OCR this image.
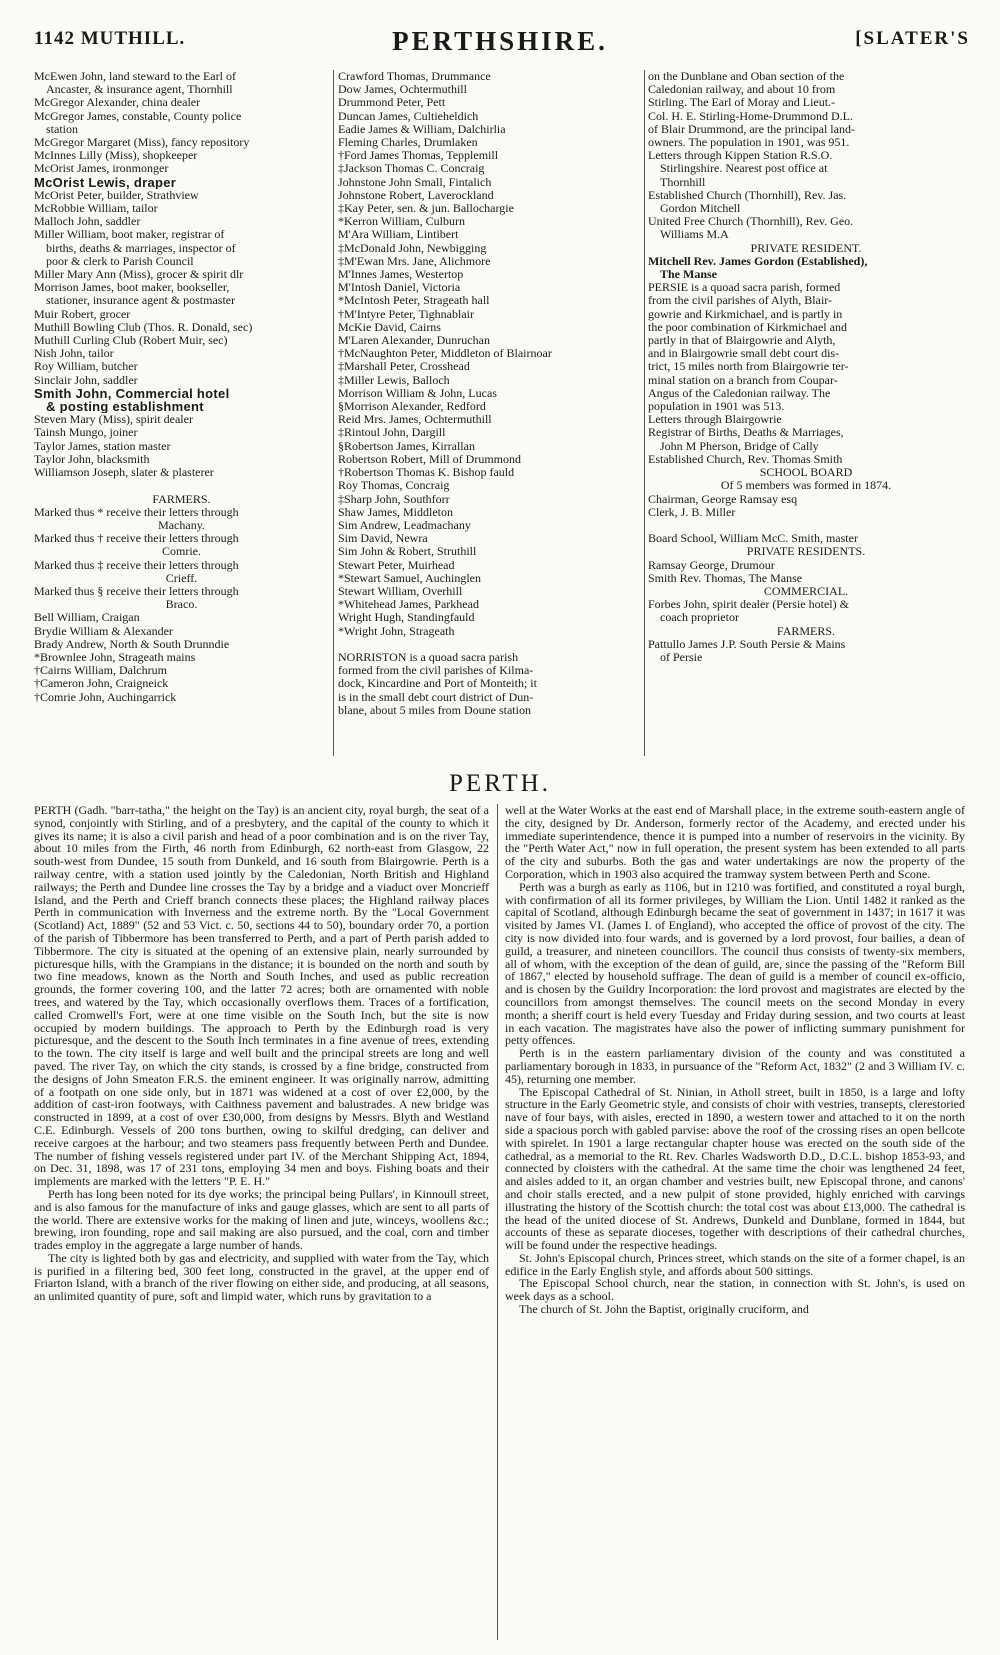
1142 MUTHILL.	PERTHSHIRE.	[SLATER'S
McEwen John, land steward to the Earl of
Ancaster, & insurance agent, Thornhill
McGregor Alexander, china dealer
McGregor James, constable, County police
station
McGregor Margaret (Miss), fancy repository
McInnes Lilly (Miss), shopkeeper
McOrist James, ironmonger
McOrist Lewis, draper
McOrist Peter, builder, Strathview
McRobbie William, tailor
Malloch John, saddler
Miller William, boot maker, registrar of
births, deaths & marriages, inspector of
poor & clerk to Parish Council
Miller Mary Ann (Miss), grocer & spirit dlr
Morrison James, boot maker, bookseller,
stationer, insurance agent & postmaster
Muir Robert, grocer
Muthill Bowling Club (Thos. R. Donald, sec)
Muthill Curling Club (Robert Muir, sec)
Nish John, tailor
Roy William, butcher
Sinclair John, saddler
Smith John, Commercial hotel
& posting establishment
Steven Mary (Miss), spirit dealer
Tainsh Mungo, joiner
Taylor James, station master
Taylor John, blacksmith
Williamson Joseph, slater & plasterer

FARMERS.
Marked thus * receive their letters through
Machany.
Marked thus † receive their letters through
Comrie.
Marked thus ‡ receive their letters through
Crieff.
Marked thus § receive their letters through
Braco.
Bell William, Craigan
Brydie William & Alexander
Brady Andrew, North & South Drunndie
*Brownlee John, Strageath mains
†Cairns William, Dalchrum
†Cameron John, Craigneick
†Comrie John, Auchingarrick
Crawford Thomas, Drummance
Dow James, Ochtermuthill
Drummond Peter, Pett
Duncan James, Cultieheldich
Eadie James & William, Dalchirlia
Fleming Charles, Drumlaken
†Ford James Thomas, Tepplemill
‡Jackson Thomas C. Concraig
Johnstone John Small, Fintalich
Johnstone Robert, Laverockland
‡Kay Peter, sen. & jun. Ballochargie
*Kerron William, Culburn
M'Ara William, Lintibert
‡McDonald John, Newbigging
‡M'Ewan Mrs. Jane, Alichmore
M'Innes James, Westertop
M'Intosh Daniel, Victoria
*McIntosh Peter, Strageath hall
†M'Intyre Peter, Tighnablair
McKie David, Cairns
M'Laren Alexander, Dunruchan
†McNaughton Peter, Middleton of Blairnoar
‡Marshall Peter, Crosshead
‡Miller Lewis, Balloch
Morrison William & John, Lucas
§Morrison Alexander, Redford
Reid Mrs. James, Ochtermuthill
‡Rintoul John, Dargill
§Robertson James, Kirrallan
Robertson Robert, Mill of Drummond
†Robertson Thomas K. Bishop fauld
Roy Thomas, Concraig
‡Sharp John, Southforr
Shaw James, Middleton
Sim Andrew, Leadmachany
Sim David, Newra
Sim John & Robert, Struthill
Stewart Peter, Muirhead
*Stewart Samuel, Auchinglen
Stewart William, Overhill
*Whitehead James, Parkhead
Wright Hugh, Standingfauld
*Wright John, Strageath

NORRISTON is a quoad sacra parish
formed from the civil parishes of Kilma-
dock, Kincardine and Port of Monteith; it
is in the small debt court district of Dun-
blane, about 5 miles from Doune station
on the Dunblane and Oban section of the
Caledonian railway, and about 10 from
Stirling. The Earl of Moray and Lieut.-
Col. H. E. Stirling-Home-Drummond D.L.
of Blair Drummond, are the principal land-
owners. The population in 1901, was 951.
Letters through Kippen Station R.S.O.
Stirlingshire. Nearest post office at
Thornhill
Established Church (Thornhill), Rev. Jas.
Gordon Mitchell
United Free Church (Thornhill), Rev. Geo.
Williams M.A
PRIVATE RESIDENT.
Mitchell Rev. James Gordon (Established),
The Manse
PERSIE is a quoad sacra parish, formed
from the civil parishes of Alyth, Blair-
gowrie and Kirkmichael, and is partly in
the poor combination of Kirkmichael and
partly in that of Blairgowrie and Alyth,
and in Blairgowrie small debt court dis-
trict, 15 miles north from Blairgowrie ter-
minal station on a branch from Coupar-
Angus of the Caledonian railway. The
population in 1901 was 513.
Letters through Blairgowrie
Registrar of Births, Deaths & Marriages,
John M Pherson, Bridge of Cally
Established Church, Rev. Thomas Smith
SCHOOL BOARD
Of 5 members was formed in 1874.
Chairman, George Ramsay esq
Clerk, J. B. Miller

Board School, William McC. Smith, master
PRIVATE RESIDENTS.
Ramsay George, Drumour
Smith Rev. Thomas, The Manse
COMMERCIAL.
Forbes John, spirit dealer (Persie hotel) &
coach proprietor
FARMERS.
Pattullo James J.P. South Persie & Mains
of Persie
PERTH.

PERTH (Gadh. "barr-tatha," the height on the Tay) is an ancient city, royal burgh, the seat of a synod, conjointly with Stirling, and of a presbytery, and the capital of the county to which it gives its name; it is also a civil parish and head of a poor combination and is on the river Tay, about 10 miles from the Firth, 46 north from Edinburgh, 62 north-east from Glasgow, 22 south-west from Dundee, 15 south from Dunkeld, and 16 south from Blairgowrie. Perth is a railway centre, with a station used jointly by the Caledonian, North British and Highland railways; the Perth and Dundee line crosses the Tay by a bridge and a viaduct over Moncrieff Island, and the Perth and Crieff branch connects these places; the Highland railway places Perth in communication with Inverness and the extreme north. By the "Local Government (Scotland) Act, 1889" (52 and 53 Vict. c. 50, sections 44 to 50), boundary order 70, a portion of the parish of Tibbermore has been transferred to Perth, and a part of Perth parish added to Tibbermore. The city is situated at the opening of an extensive plain, nearly surrounded by picturesque hills, with the Grampians in the distance; it is bounded on the north and south by two fine meadows, known as the North and South Inches, and used as public recreation grounds, the former covering 100, and the latter 72 acres; both are ornamented with noble trees, and watered by the Tay, which occasionally overflows them. Traces of a fortification, called Cromwell's Fort, were at one time visible on the South Inch, but the site is now occupied by modern buildings. The approach to Perth by the Edinburgh road is very picturesque, and the descent to the South Inch terminates in a fine avenue of trees, extending to the town. The city itself is large and well built and the principal streets are long and well paved. The river Tay, on which the city stands, is crossed by a fine bridge, constructed from the designs of John Smeaton F.R.S. the eminent engineer. It was originally narrow, admitting of a footpath on one side only, but in 1871 was widened at a cost of over £2,000, by the addition of cast-iron footways, with Caithness pavement and balustrades. A new bridge was constructed in 1899, at a cost of over £30,000, from designs by Messrs. Blyth and Westland C.E. Edinburgh. Vessels of 200 tons burthen, owing to skilful dredging, can deliver and receive cargoes at the harbour; and two steamers pass frequently between Perth and Dundee. The number of fishing vessels registered under part IV. of the Merchant Shipping Act, 1894, on Dec. 31, 1898, was 17 of 231 tons, employing 34 men and boys. Fishing boats and their implements are marked with the letters "P. E. H."

Perth has long been noted for its dye works; the principal being Pullars', in Kinnoull street, and is also famous for the manufacture of inks and gauge glasses, which are sent to all parts of the world. There are extensive works for the making of linen and jute, winceys, woollens &c.; brewing, iron founding, rope and sail making are also pursued, and the coal, corn and timber trades employ in the aggregate a large number of hands.

The city is lighted both by gas and electricity, and supplied with water from the Tay, which is purified in a filtering bed, 300 feet long, constructed in the gravel, at the upper end of Friarton Island, with a branch of the river flowing on either side, and producing, at all seasons, an unlimited quantity of pure, soft and limpid water, which runs by gravitation to a

well at the Water Works at the east end of Marshall place, in the extreme south-eastern angle of the city, designed by Dr. Anderson, formerly rector of the Academy, and erected under his immediate superintendence, thence it is pumped into a number of reservoirs in the vicinity. By the "Perth Water Act," now in full operation, the present system has been extended to all parts of the city and suburbs. Both the gas and water undertakings are now the property of the Corporation, which in 1903 also acquired the tramway system between Perth and Scone.

Perth was a burgh as early as 1106, but in 1210 was fortified, and constituted a royal burgh, with confirmation of all its former privileges, by William the Lion. Until 1482 it ranked as the capital of Scotland, although Edinburgh became the seat of government in 1437; in 1617 it was visited by James VI. (James I. of England), who accepted the office of provost of the city. The city is now divided into four wards, and is governed by a lord provost, four bailies, a dean of guild, a treasurer, and nineteen councillors. The council thus consists of twenty-six members, all of whom, with the exception of the dean of guild, are, since the passing of the "Reform Bill of 1867," elected by household suffrage. The dean of guild is a member of council ex-officio, and is chosen by the Guildry Incorporation: the lord provost and magistrates are elected by the councillors from amongst themselves. The council meets on the second Monday in every month; a sheriff court is held every Tuesday and Friday during session, and two courts at least in each vacation. The magistrates have also the power of inflicting summary punishment for petty offences.

Perth is in the eastern parliamentary division of the county and was constituted a parliamentary borough in 1833, in pursuance of the "Reform Act, 1832" (2 and 3 William IV. c. 45), returning one member.

The Episcopal Cathedral of St. Ninian, in Atholl street, built in 1850, is a large and lofty structure in the Early Geometric style, and consists of choir with vestries, transepts, clerestoried nave of four bays, with aisles, erected in 1890, a western tower and attached to it on the north side a spacious porch with gabled parvise: above the roof of the crossing rises an open bellcote with spirelet. In 1901 a large rectangular chapter house was erected on the south side of the cathedral, as a memorial to the Rt. Rev. Charles Wadsworth D.D., D.C.L. bishop 1853-93, and connected by cloisters with the cathedral. At the same time the choir was lengthened 24 feet, and aisles added to it, an organ chamber and vestries built, new Episcopal throne, and canons' and choir stalls erected, and a new pulpit of stone provided, highly enriched with carvings illustrating the history of the Scottish church: the total cost was about £13,000. The cathedral is the head of the united diocese of St. Andrews, Dunkeld and Dunblane, formed in 1844, but accounts of these as separate dioceses, together with descriptions of their cathedral churches, will be found under the respective headings.

St. John's Episcopal church, Princes street, which stands on the site of a former chapel, is an edifice in the Early English style, and affords about 500 sittings.

The Episcopal School church, near the station, in connection with St. John's, is used on week days as a school.

The church of St. John the Baptist, originally cruciform, and
